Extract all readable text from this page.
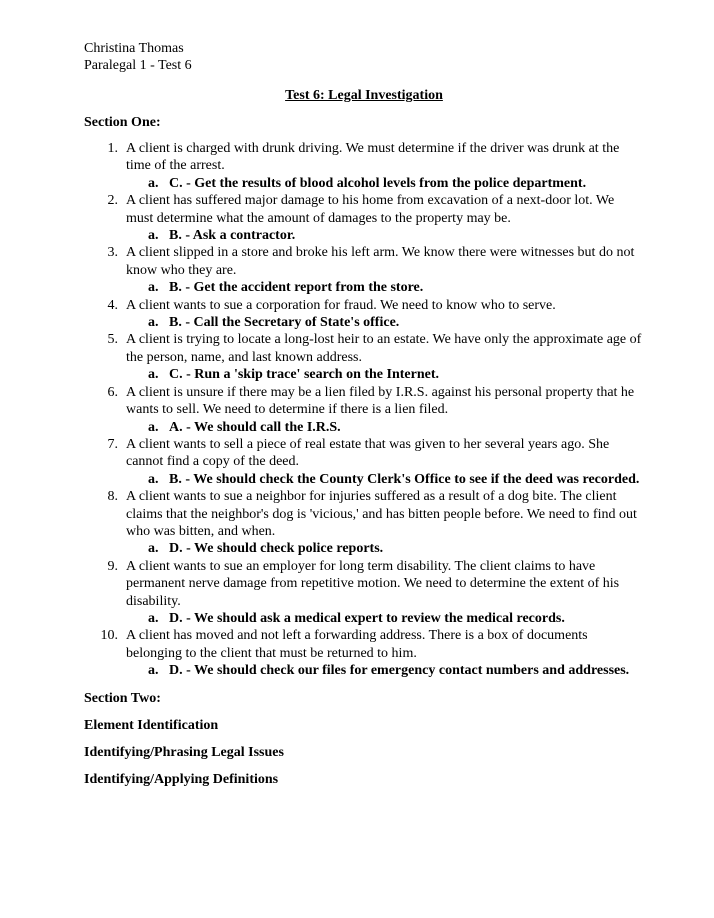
Christina Thomas
Paralegal 1 - Test 6
Test 6: Legal Investigation
Section One:
1. A client is charged with drunk driving. We must determine if the driver was drunk at the time of the arrest.
a. C. - Get the results of blood alcohol levels from the police department.
2. A client has suffered major damage to his home from excavation of a next-door lot. We must determine what the amount of damages to the property may be.
a. B. - Ask a contractor.
3. A client slipped in a store and broke his left arm. We know there were witnesses but do not know who they are.
a. B. - Get the accident report from the store.
4. A client wants to sue a corporation for fraud. We need to know who to serve.
a. B. - Call the Secretary of State's office.
5. A client is trying to locate a long-lost heir to an estate. We have only the approximate age of the person, name, and last known address.
a. C. - Run a 'skip trace' search on the Internet.
6. A client is unsure if there may be a lien filed by I.R.S. against his personal property that he wants to sell. We need to determine if there is a lien filed.
a. A. - We should call the I.R.S.
7. A client wants to sell a piece of real estate that was given to her several years ago. She cannot find a copy of the deed.
a. B. - We should check the County Clerk's Office to see if the deed was recorded.
8. A client wants to sue a neighbor for injuries suffered as a result of a dog bite. The client claims that the neighbor's dog is 'vicious,' and has bitten people before. We need to find out who was bitten, and when.
a. D. - We should check police reports.
9. A client wants to sue an employer for long term disability. The client claims to have permanent nerve damage from repetitive motion. We need to determine the extent of his disability.
a. D. - We should ask a medical expert to review the medical records.
10. A client has moved and not left a forwarding address. There is a box of documents belonging to the client that must be returned to him.
a. D. - We should check our files for emergency contact numbers and addresses.
Section Two:
Element Identification
Identifying/Phrasing Legal Issues
Identifying/Applying Definitions
